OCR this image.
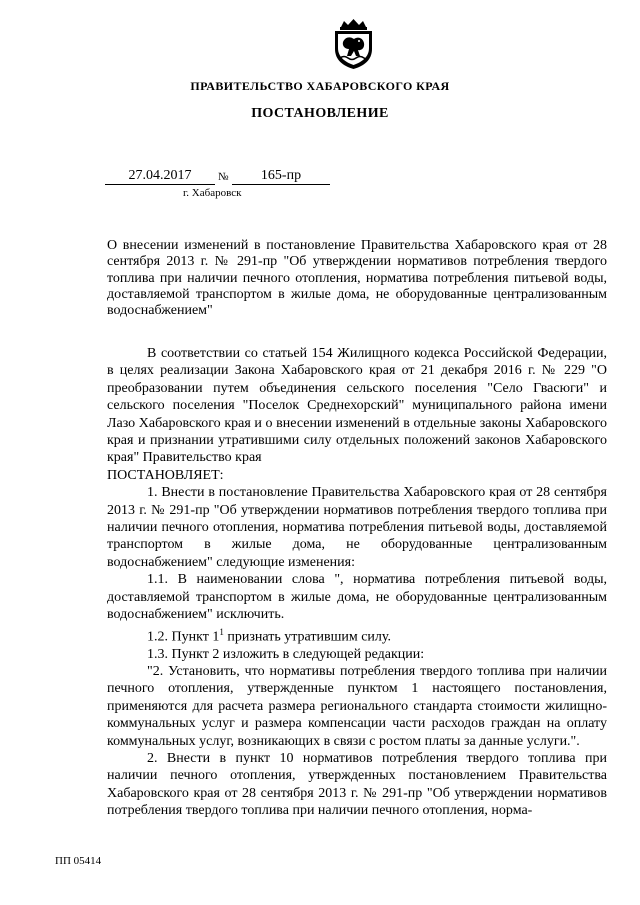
ПРАВИТЕЛЬСТВО ХАБАРОВСКОГО КРАЯ
ПОСТАНОВЛЕНИЕ
27.04.2017	№	165-пр
г. Хабаровск
О внесении изменений в постановление Правительства Хабаровского края от 28 сентября 2013 г. № 291-пр "Об утверждении нормативов потребления твердого топлива при наличии печного отопления, норматива потребления питьевой воды, доставляемой транспортом в жилые дома, не оборудованные централизованным водоснабжением"

В соответствии со статьей 154 Жилищного кодекса Российской Федерации, в целях реализации Закона Хабаровского края от 21 декабря 2016 г. № 229 "О преобразовании путем объединения сельского поселения "Село Гвасюги" и сельского поселения "Поселок Среднехорский" муниципального района имени Лазо Хабаровского края и о внесении изменений в отдельные законы Хабаровского края и признании утратившими силу отдельных положений законов Хабаровского края" Правительство края

ПОСТАНОВЛЯЕТ:

1. Внести в постановление Правительства Хабаровского края от 28 сентября 2013 г. № 291-пр "Об утверждении нормативов потребления твердого топлива при наличии печного отопления, норматива потребления питьевой воды, доставляемой транспортом в жилые дома, не оборудованные централизованным водоснабжением" следующие изменения:

1.1. В наименовании слова ", норматива потребления питьевой воды, доставляемой транспортом в жилые дома, не оборудованные централизованным водоснабжением" исключить.

1.2. Пункт $1^1$ признать утратившим силу.

1.3. Пункт 2 изложить в следующей редакции:

"2. Установить, что нормативы потребления твердого топлива при наличии печного отопления, утвержденные пунктом 1 настоящего постановления, применяются для расчета размера регионального стандарта стоимости жилищно-коммунальных услуг и размера компенсации части расходов граждан на оплату коммунальных услуг, возникающих в связи с ростом платы за данные услуги.".

2. Внести в пункт 10 нормативов потребления твердого топлива при наличии печного отопления, утвержденных постановлением Правительства Хабаровского края от 28 сентября 2013 г. № 291-пр "Об утверждении нормативов потребления твердого топлива при наличии печного отопления, норма-

ПП 05414
